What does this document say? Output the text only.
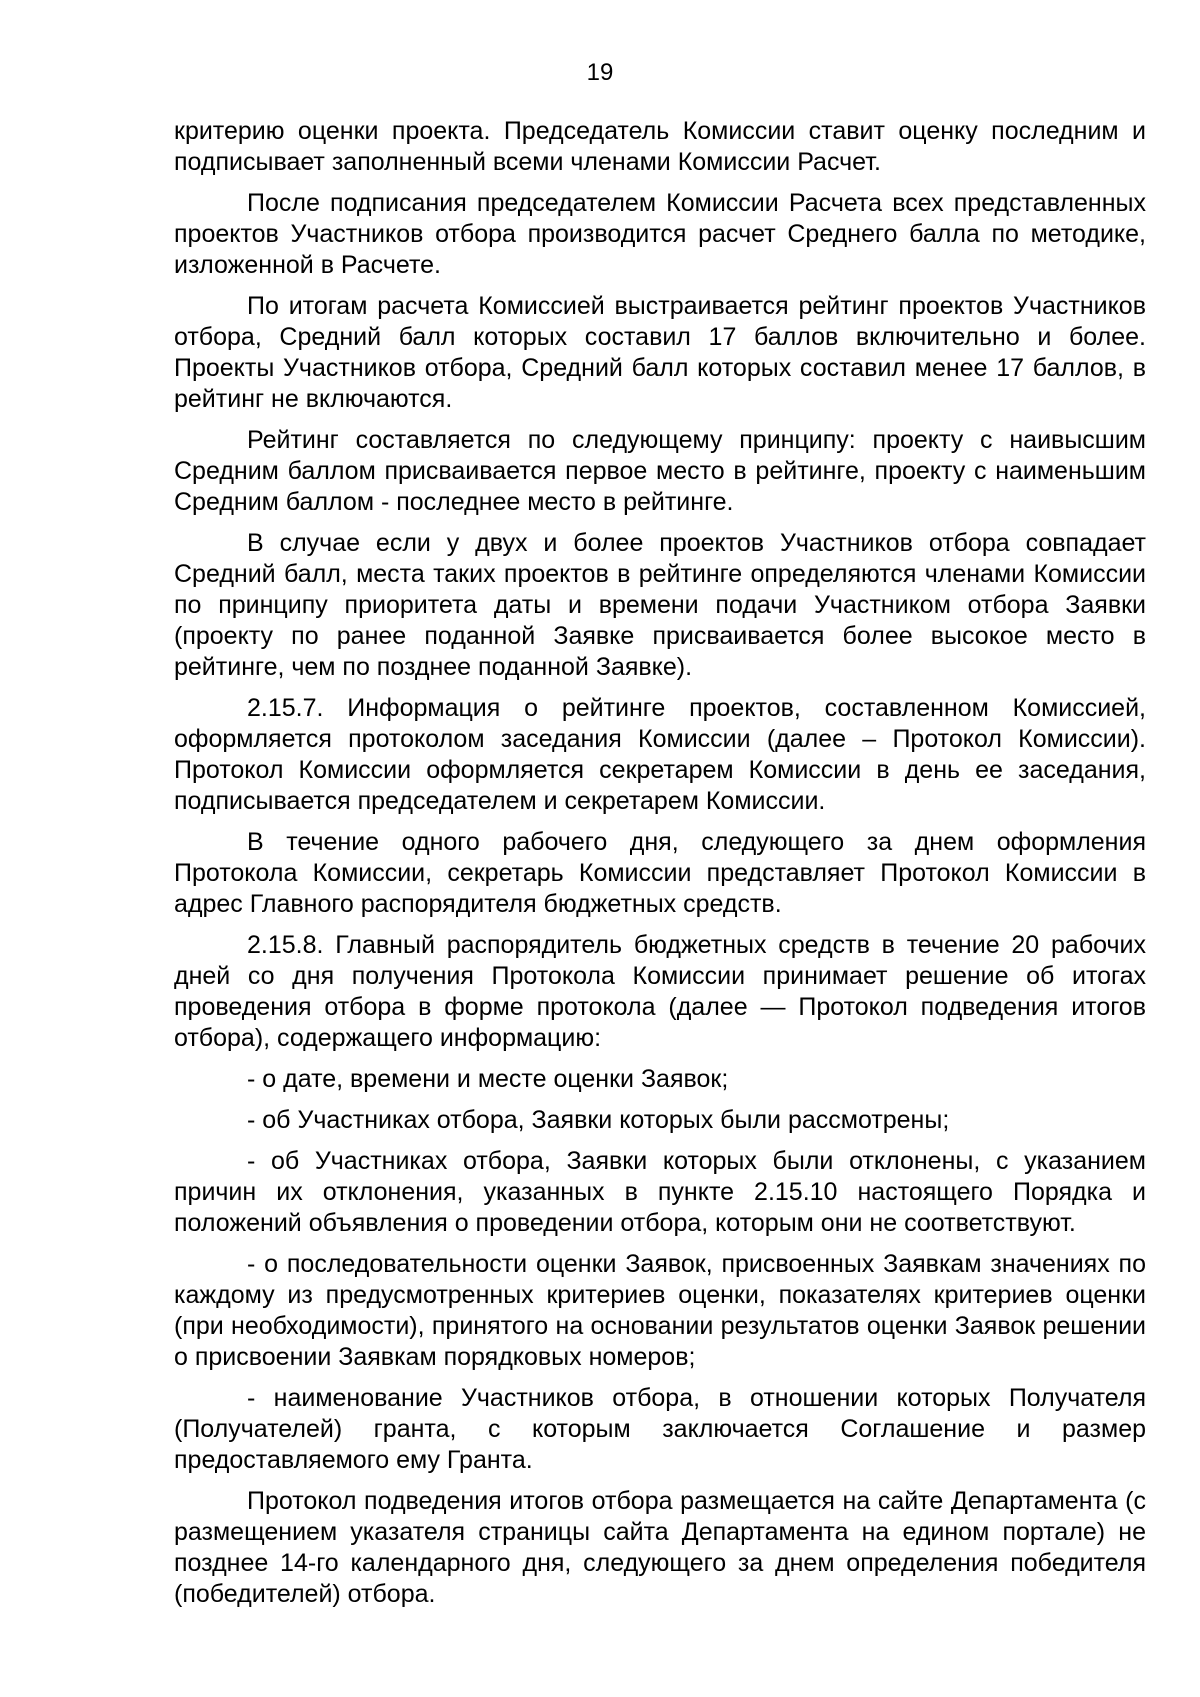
19

критерию оценки проекта. Председатель Комиссии ставит оценку последним и подписывает заполненный всеми членами Комиссии Расчет.

После подписания председателем Комиссии Расчета всех представленных проектов Участников отбора производится расчет Среднего балла по методике, изложенной в Расчете.

По итогам расчета Комиссией выстраивается рейтинг проектов Участников отбора, Средний балл которых составил 17 баллов включительно и более. Проекты Участников отбора, Средний балл которых составил менее 17 баллов, в рейтинг не включаются.

Рейтинг составляется по следующему принципу: проекту с наивысшим Средним баллом присваивается первое место в рейтинге, проекту с наименьшим Средним баллом - последнее место в рейтинге.

В случае если у двух и более проектов Участников отбора совпадает Средний балл, места таких проектов в рейтинге определяются членами Комиссии по принципу приоритета даты и времени подачи Участником отбора Заявки (проекту по ранее поданной Заявке присваивается более высокое место в рейтинге, чем по позднее поданной Заявке).

2.15.7. Информация о рейтинге проектов, составленном Комиссией, оформляется протоколом заседания Комиссии (далее – Протокол Комиссии). Протокол Комиссии оформляется секретарем Комиссии в день ее заседания, подписывается председателем и секретарем Комиссии.

В течение одного рабочего дня, следующего за днем оформления Протокола Комиссии, секретарь Комиссии представляет Протокол Комиссии в адрес Главного распорядителя бюджетных средств.

2.15.8. Главный распорядитель бюджетных средств в течение 20 рабочих дней со дня получения Протокола Комиссии принимает решение об итогах проведения отбора в форме протокола (далее — Протокол подведения итогов отбора), содержащего информацию:

- о дате, времени и месте оценки Заявок;

- об Участниках отбора, Заявки которых были рассмотрены;

- об Участниках отбора, Заявки которых были отклонены, с указанием причин их отклонения, указанных в пункте 2.15.10 настоящего Порядка и положений объявления о проведении отбора, которым они не соответствуют.

- о последовательности оценки Заявок, присвоенных Заявкам значениях по каждому из предусмотренных критериев оценки, показателях критериев оценки (при необходимости), принятого на основании результатов оценки Заявок решении о присвоении Заявкам порядковых номеров;

- наименование Участников отбора, в отношении которых Получателя (Получателей) гранта, с которым заключается Соглашение и размер предоставляемого ему Гранта.

Протокол подведения итогов отбора размещается на сайте Департамента (с размещением указателя страницы сайта Департамента на едином портале) не позднее 14-го календарного дня, следующего за днем определения победителя (победителей) отбора.
